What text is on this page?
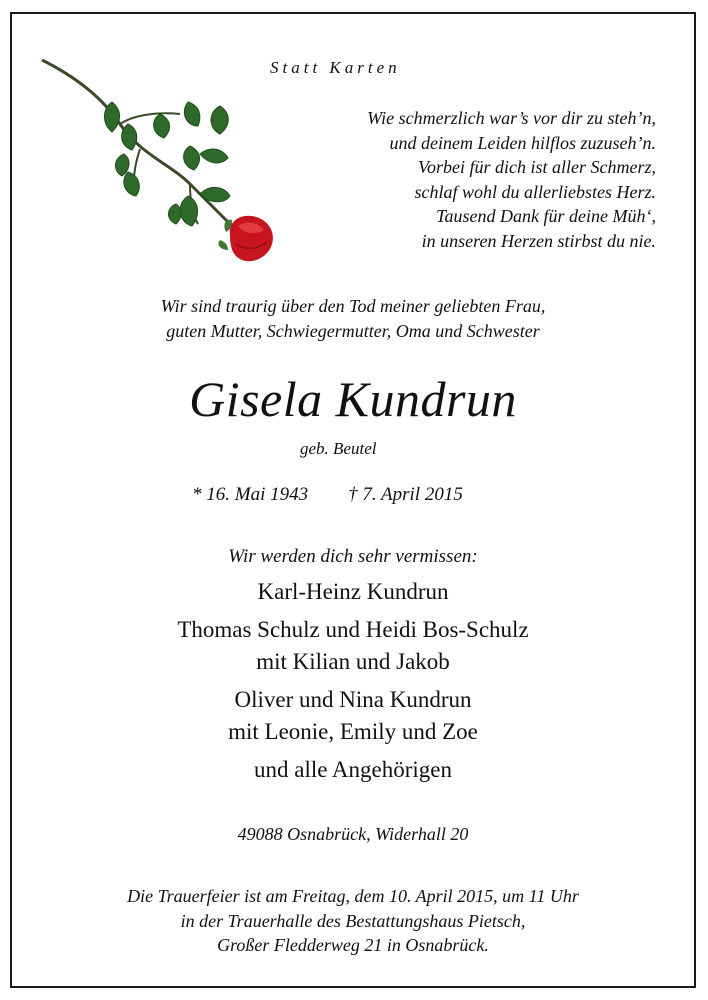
Statt Karten
Wie schmerzlich war’s vor dir zu steh’n,
und deinem Leiden hilflos zuzuseh’n.
Vorbei für dich ist aller Schmerz,
schlaf wohl du allerliebstes Herz.
Tausend Dank für deine Müh‘,
in unseren Herzen stirbst du nie.
Wir sind traurig über den Tod meiner geliebten Frau,
guten Mutter, Schwiegermutter, Oma und Schwester
Gisela Kundrun
geb. Beutel
* 16. Mai 1943 † 7. April 2015
Wir werden dich sehr vermissen:
Karl-Heinz Kundrun
Thomas Schulz und Heidi Bos-Schulz
mit Kilian und Jakob
Oliver und Nina Kundrun
mit Leonie, Emily und Zoe
und alle Angehörigen
49088 Osnabrück, Widerhall 20
Die Trauerfeier ist am Freitag, dem 10. April 2015, um 11 Uhr
in der Trauerhalle des Bestattungshaus Pietsch,
Großer Fledderweg 21 in Osnabrück.
